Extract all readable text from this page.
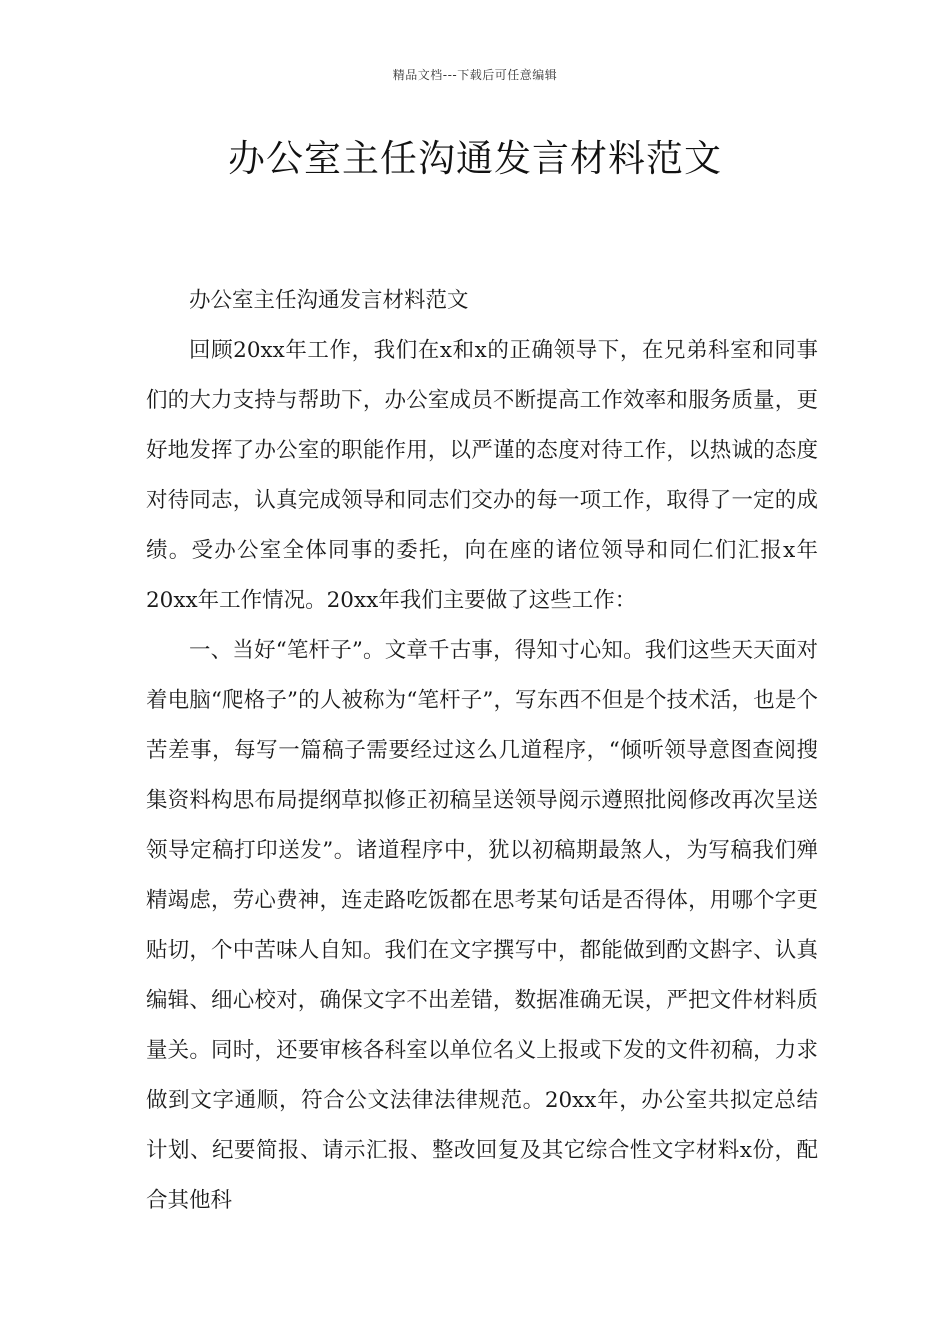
精品文档---下载后可任意编辑
办公室主任沟通发言材料范文

办公室主任沟通发言材料范文

回顾20xx年工作，我们在x和x的正确领导下，在兄弟科室和同事们的大力支持与帮助下，办公室成员不断提高工作效率和服务质量，更好地发挥了办公室的职能作用，以严谨的态度对待工作，以热诚的态度对待同志，认真完成领导和同志们交办的每一项工作，取得了一定的成绩。受办公室全体同事的委托，向在座的诸位领导和同仁们汇报x年20xx年工作情况。20xx年我们主要做了这些工作：

一、当好“笔杆子”。文章千古事，得知寸心知。我们这些天天面对着电脑“爬格子”的人被称为“笔杆子”，写东西不但是个技术活，也是个苦差事，每写一篇稿子需要经过这么几道程序，“倾听领导意图查阅搜集资料构思布局提纲草拟修正初稿呈送领导阅示遵照批阅修改再次呈送领导定稿打印送发”。诸道程序中，犹以初稿期最煞人，为写稿我们殚精竭虑，劳心费神，连走路吃饭都在思考某句话是否得体，用哪个字更贴切，个中苦味人自知。我们在文字撰写中，都能做到酌文斟字、认真编辑、细心校对，确保文字不出差错，数据准确无误，严把文件材料质量关。同时，还要审核各科室以单位名义上报或下发的文件初稿，力求做到文字通顺，符合公文法律法律规范。20xx年，办公室共拟定总结计划、纪要简报、请示汇报、整改回复及其它综合性文字材料x份，配合其他科
